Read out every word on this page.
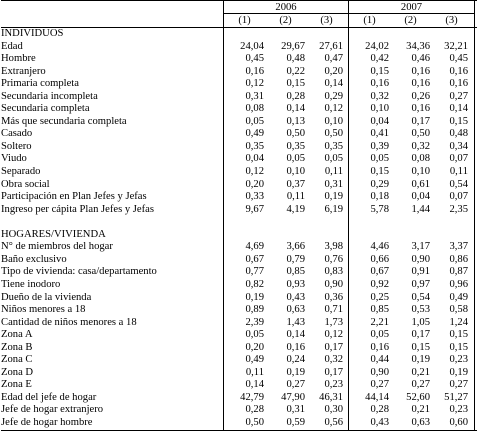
2006	2007
(1)	(2)	(3)	(1)	(2)	(3)
INDIVIDUOS
Edad	24,04	29,67	27,61	24,02	34,36	32,21
Hombre	0,45	0,48	0,47	0,42	0,46	0,45
Extranjero	0,16	0,22	0,20	0,15	0,16	0,16
Primaria completa	0,12	0,15	0,14	0,16	0,16	0,16
Secundaria incompleta	0,31	0,28	0,29	0,32	0,26	0,27
Secundaria completa	0,08	0,14	0,12	0,10	0,16	0,14
Más que secundaria completa	0,05	0,13	0,10	0,04	0,17	0,15
Casado	0,49	0,50	0,50	0,41	0,50	0,48
Soltero	0,35	0,35	0,35	0,39	0,32	0,34
Viudo	0,04	0,05	0,05	0,05	0,08	0,07
Separado	0,12	0,10	0,11	0,15	0,10	0,11
Obra social	0,20	0,37	0,31	0,29	0,61	0,54
Participación en Plan Jefes y Jefas	0,33	0,11	0,19	0,18	0,04	0,07
Ingreso per cápita Plan Jefes y Jefas	9,67	4,19	6,19	5,78	1,44	2,35
HOGARES/VIVIENDA
N° de miembros del hogar	4,69	3,66	3,98	4,46	3,17	3,37
Baño exclusivo	0,67	0,79	0,76	0,66	0,90	0,86
Tipo de vivienda: casa/departamento	0,77	0,85	0,83	0,67	0,91	0,87
Tiene inodoro	0,82	0,93	0,90	0,92	0,97	0,96
Dueño de la vivienda	0,19	0,43	0,36	0,25	0,54	0,49
Niños menores a 18	0,89	0,63	0,71	0,85	0,53	0,58
Cantidad de niños menores a 18	2,39	1,43	1,73	2,21	1,05	1,24
Zona A	0,05	0,14	0,12	0,05	0,17	0,15
Zona B	0,20	0,16	0,17	0,16	0,15	0,15
Zona C	0,49	0,24	0,32	0,44	0,19	0,23
Zona D	0,11	0,19	0,17	0,90	0,21	0,19
Zona E	0,14	0,27	0,23	0,27	0,27	0,27
Edad del jefe de hogar	42,79	47,90	46,31	44,14	52,60	51,27
Jefe de hogar extranjero	0,28	0,31	0,30	0,28	0,21	0,23
Jefe de hogar hombre	0,50	0,59	0,56	0,43	0,63	0,60
